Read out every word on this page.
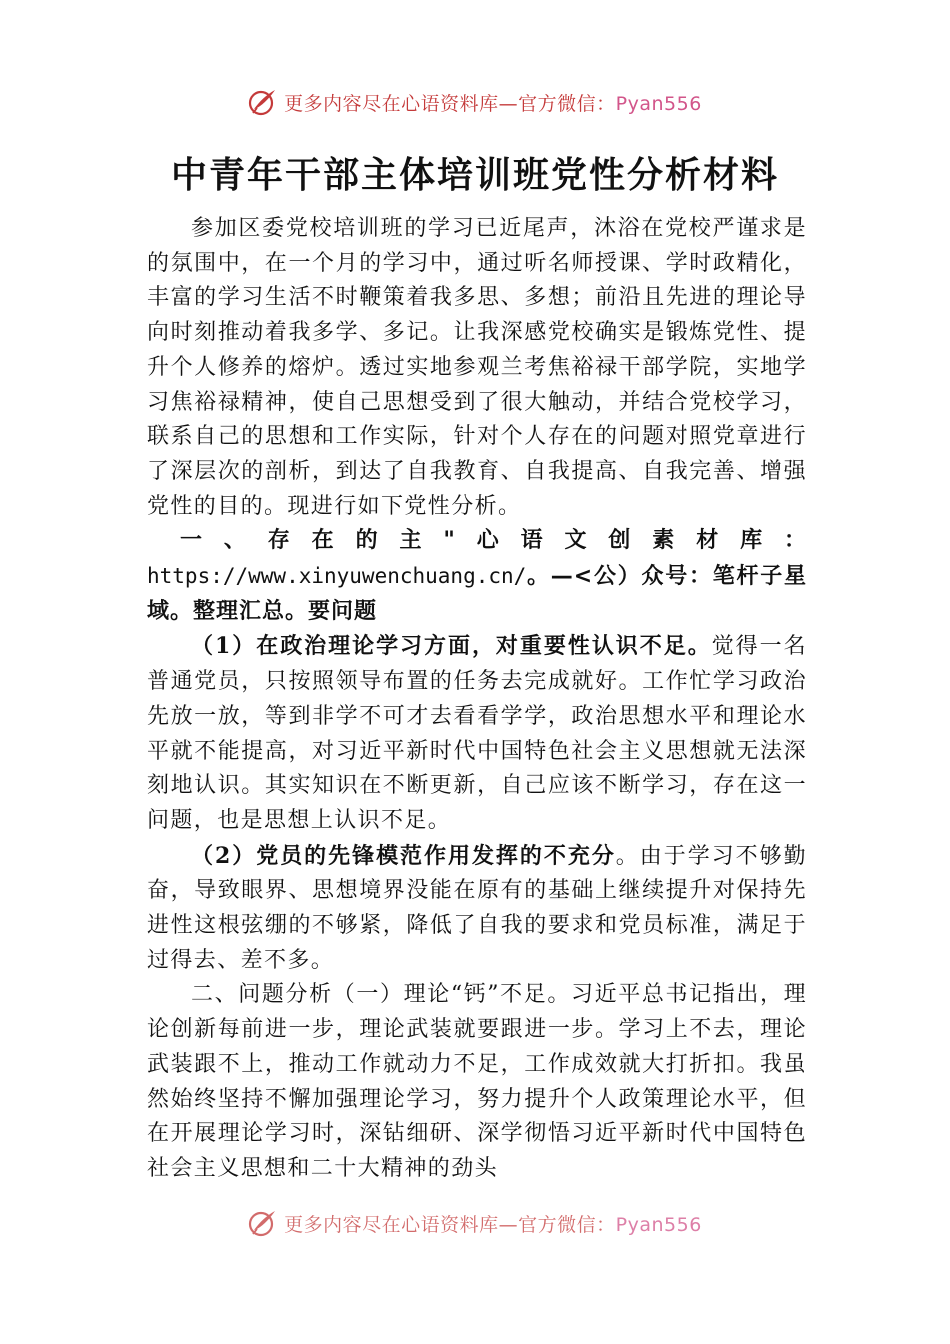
更多内容尽在心语资料库—官方微信：Pyan556
中青年干部主体培训班党性分析材料

参加区委党校培训班的学习已近尾声，沐浴在党校严谨求是的氛围中，在一个月的学习中，通过听名师授课、学时政精化，丰富的学习生活不时鞭策着我多思、多想；前沿且先进的理论导向时刻推动着我多学、多记。让我深感党校确实是锻炼党性、提升个人修养的熔炉。透过实地参观兰考焦裕禄干部学院，实地学习焦裕禄精神，使自己思想受到了很大触动，并结合党校学习，联系自己的思想和工作实际，针对个人存在的问题对照党章进行了深层次的剖析，到达了自我教育、自我提高、自我完善、增强党性的目的。现进行如下党性分析。

一、存在的主"心语文创素材库： https://www.xinyuwenchuang.cn/。—<公）众号：笔杆子星域。整理汇总。要问题

（1）在政治理论学习方面，对重要性认识不足。觉得一名普通党员，只按照领导布置的任务去完成就好。工作忙学习政治先放一放，等到非学不可才去看看学学，政治思想水平和理论水平就不能提高，对习近平新时代中国特色社会主义思想就无法深刻地认识。其实知识在不断更新，自己应该不断学习，存在这一问题，也是思想上认识不足。

（2）党员的先锋模范作用发挥的不充分。由于学习不够勤奋，导致眼界、思想境界没能在原有的基础上继续提升对保持先进性这根弦绷的不够紧，降低了自我的要求和党员标准，满足于过得去、差不多。

二、问题分析（一）理论“钙”不足。习近平总书记指出，理论创新每前进一步，理论武装就要跟进一步。学习上不去，理论武装跟不上，推动工作就动力不足，工作成效就大打折扣。我虽然始终坚持不懈加强理论学习，努力提升个人政策理论水平，但在开展理论学习时，深钻细研、深学彻悟习近平新时代中国特色社会主义思想和二十大精神的劲头

更多内容尽在心语资料库—官方微信：Pyan556
